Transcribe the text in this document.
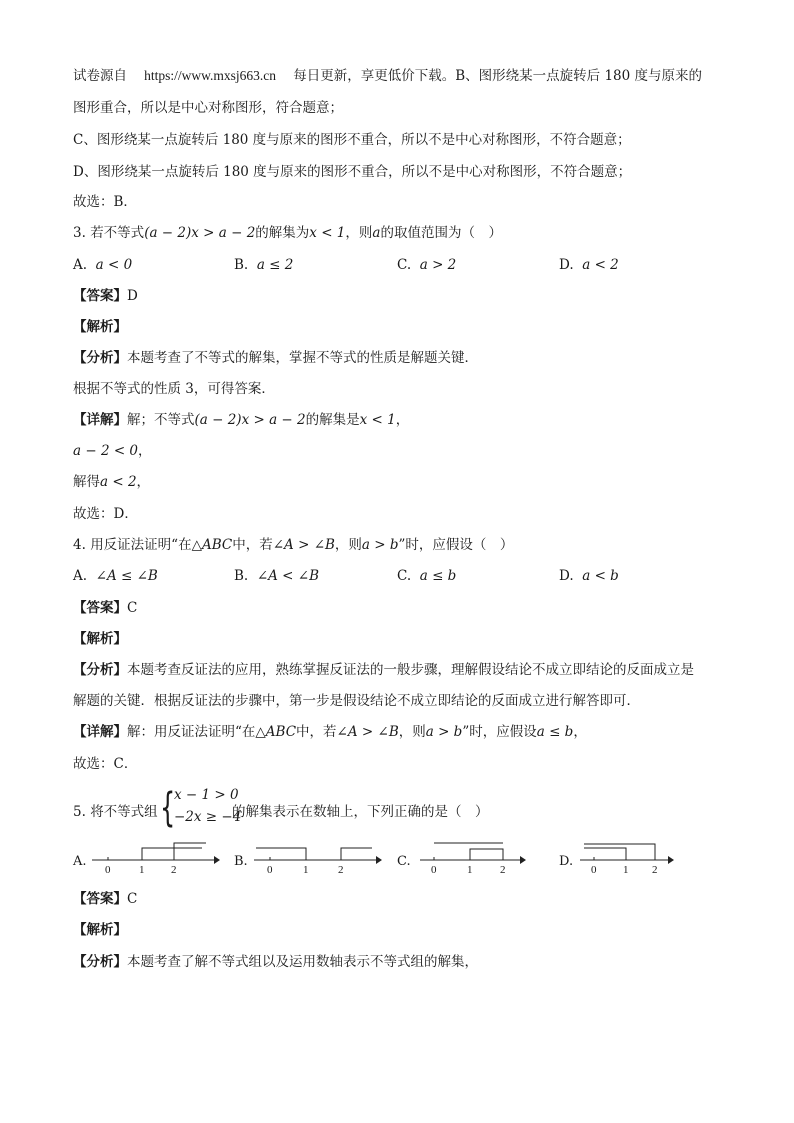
试卷源自 https://www.mxsj663.cn 每日更新，享更低价下载。B、图形绕某一点旋转后 180 度与原来的
图形重合，所以是中心对称图形，符合题意；
C、图形绕某一点旋转后 180 度与原来的图形不重合，所以不是中心对称图形，不符合题意；
D、图形绕某一点旋转后 180 度与原来的图形不重合，所以不是中心对称图形，不符合题意；
故选：B．
3. 若不等式(a − 2)x > a − 2的解集为x < 1，则a的取值范围为（　）
A. a < 0	B. a ≤ 2	C. a > 2	D. a < 2
【答案】D
【解析】
【分析】本题考查了不等式的解集，掌握不等式的性质是解题关键．
根据不等式的性质 3，可得答案．
【详解】解；不等式(a − 2)x > a − 2的解集是x < 1，
a − 2 < 0，
解得a < 2，
故选：D．
4. 用反证法证明“在△ABC中，若∠A > ∠B，则a > b”时，应假设（　）
A. ∠A ≤ ∠B	B. ∠A < ∠B	C. a ≤ b	D. a < b
【答案】C
【解析】
【分析】本题考查反证法的应用，熟练掌握反证法的一般步骤，理解假设结论不成立即结论的反面成立是
解题的关键．根据反证法的步骤中，第一步是假设结论不成立即结论的反面成立进行解答即可．
【详解】解：用反证法证明“在△ABC中，若∠A > ∠B，则a > b”时，应假设a ≤ b，
故选：C．
5. 将不等式组 {
x − 1 > 0
−2x ≥ −4
的解集表示在数轴上，下列正确的是（　）
A.
0	1 2
B.
0	1	2
C.
0	1	2
D.
0 1 2
【答案】C
【解析】
【分析】本题考查了解不等式组以及运用数轴表示不等式组的解集，
